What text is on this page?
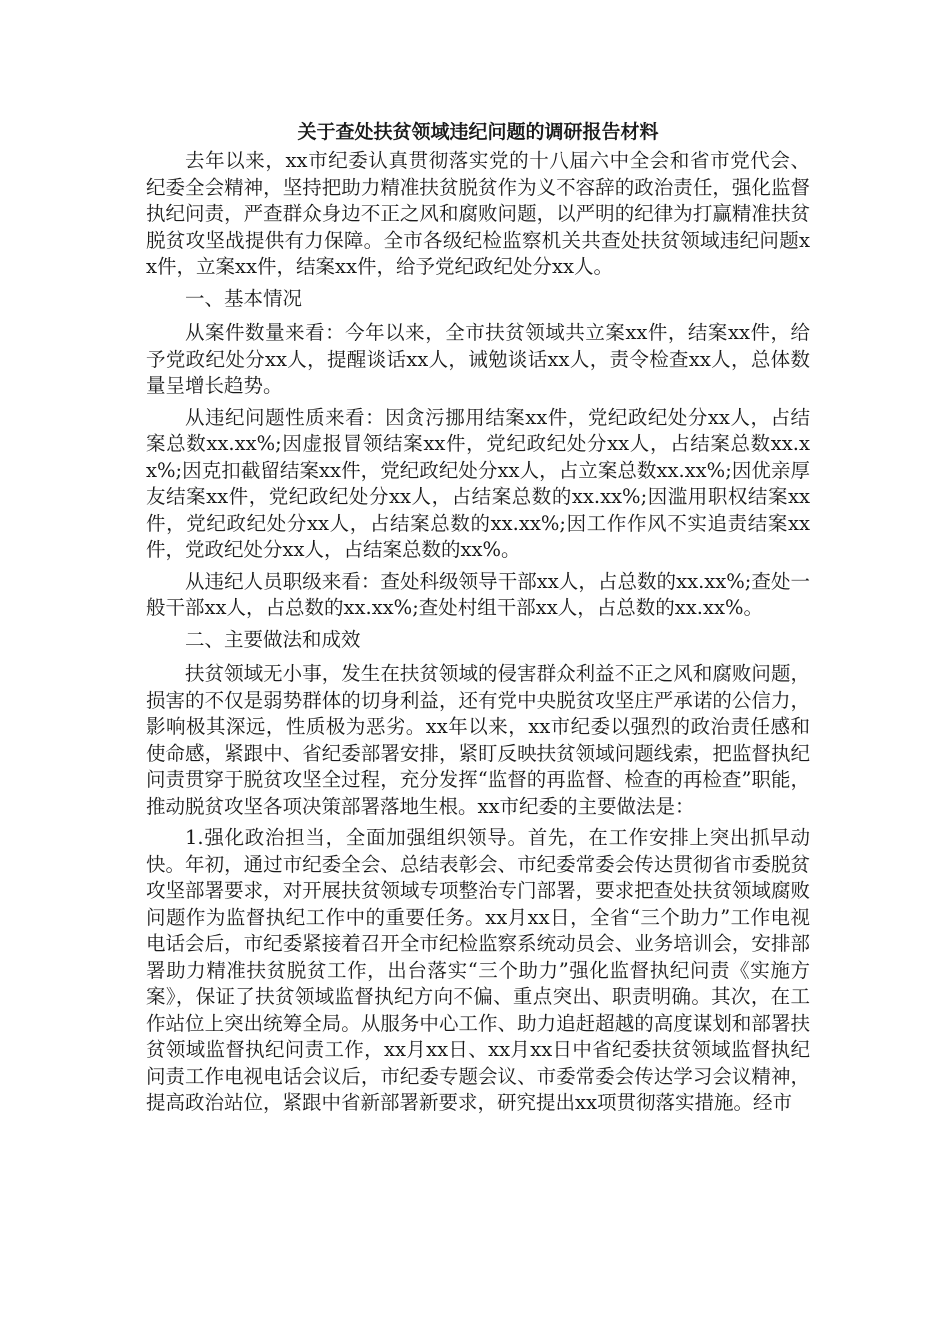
关于查处扶贫领域违纪问题的调研报告材料

去年以来，xx市纪委认真贯彻落实党的十八届六中全会和省市党代会、纪委全会精神，坚持把助力精准扶贫脱贫作为义不容辞的政治责任，强化监督执纪问责，严查群众身边不正之风和腐败问题，以严明的纪律为打赢精准扶贫脱贫攻坚战提供有力保障。全市各级纪检监察机关共查处扶贫领域违纪问题xx件，立案xx件，结案xx件，给予党纪政纪处分xx人。

一、基本情况

从案件数量来看：今年以来，全市扶贫领域共立案xx件，结案xx件，给予党政纪处分xx人，提醒谈话xx人，诫勉谈话xx人，责令检查xx人，总体数量呈增长趋势。

从违纪问题性质来看：因贪污挪用结案xx件，党纪政纪处分xx人，占结案总数xx.xx%;因虚报冒领结案xx件，党纪政纪处分xx人，占结案总数xx.xx%;因克扣截留结案xx件，党纪政纪处分xx人，占立案总数xx.xx%;因优亲厚友结案xx件，党纪政纪处分xx人，占结案总数的xx.xx%;因滥用职权结案xx件，党纪政纪处分xx人，占结案总数的xx.xx%;因工作作风不实追责结案xx件，党政纪处分xx人，占结案总数的xx%。

从违纪人员职级来看：查处科级领导干部xx人，占总数的xx.xx%;查处一般干部xx人，占总数的xx.xx%;查处村组干部xx人，占总数的xx.xx%。

二、主要做法和成效

扶贫领域无小事，发生在扶贫领域的侵害群众利益不正之风和腐败问题，损害的不仅是弱势群体的切身利益，还有党中央脱贫攻坚庄严承诺的公信力，影响极其深远，性质极为恶劣。xx年以来，xx市纪委以强烈的政治责任感和使命感，紧跟中、省纪委部署安排，紧盯反映扶贫领域问题线索，把监督执纪问责贯穿于脱贫攻坚全过程，充分发挥“监督的再监督、检查的再检查”职能，推动脱贫攻坚各项决策部署落地生根。xx市纪委的主要做法是：

1.强化政治担当，全面加强组织领导。首先，在工作安排上突出抓早动快。年初，通过市纪委全会、总结表彰会、市纪委常委会传达贯彻省市委脱贫攻坚部署要求，对开展扶贫领域专项整治专门部署，要求把查处扶贫领域腐败问题作为监督执纪工作中的重要任务。xx月xx日，全省“三个助力”工作电视电话会后，市纪委紧接着召开全市纪检监察系统动员会、业务培训会，安排部署助力精准扶贫脱贫工作，出台落实“三个助力”强化监督执纪问责《实施方案》，保证了扶贫领域监督执纪方向不偏、重点突出、职责明确。其次，在工作站位上突出统筹全局。从服务中心工作、助力追赶超越的高度谋划和部署扶贫领域监督执纪问责工作，xx月xx日、xx月xx日中省纪委扶贫领域监督执纪问责工作电视电话会议后，市纪委专题会议、市委常委会传达学习会议精神，提高政治站位，紧跟中省新部署新要求，研究提出xx项贯彻落实措施。经市
